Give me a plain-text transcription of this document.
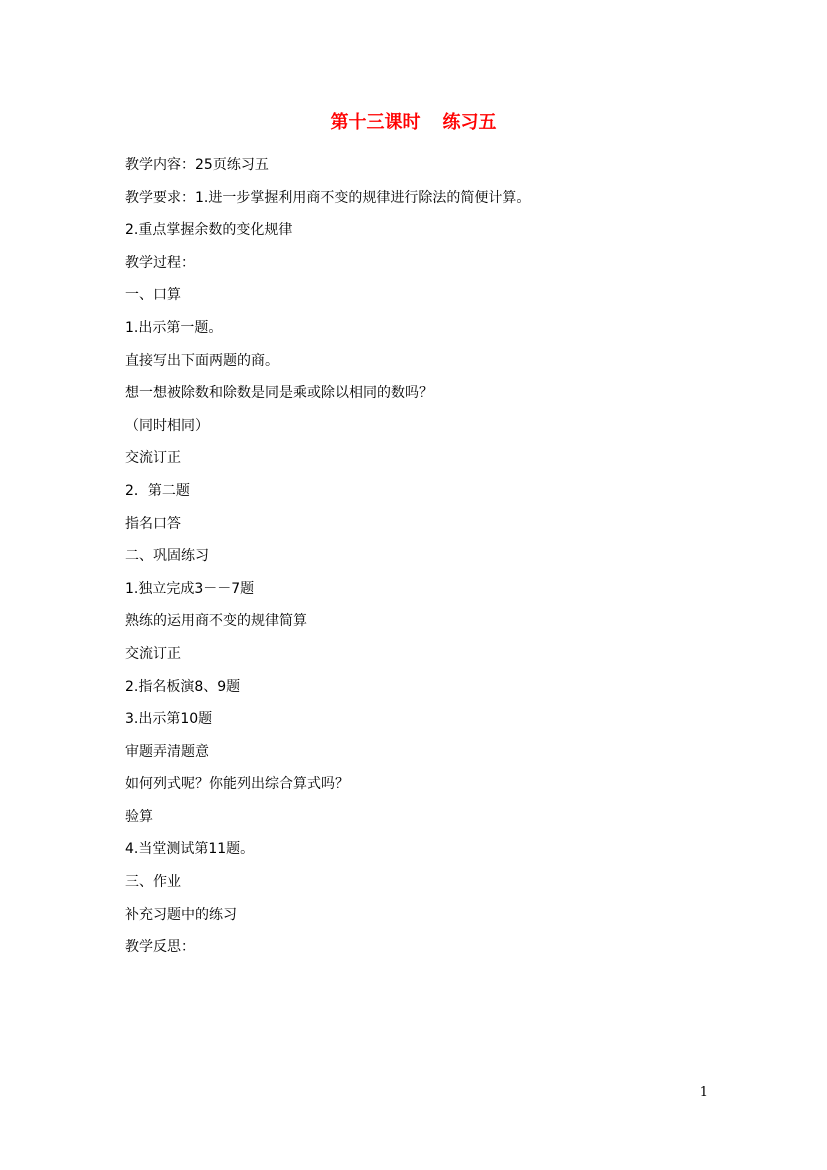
第十三课时 练习五
教学内容：25页练习五
教学要求：1.进一步掌握利用商不变的规律进行除法的简便计算。
2.重点掌握余数的变化规律
教学过程：
一、口算
1.出示第一题。
直接写出下面两题的商。
想一想被除数和除数是同是乘或除以相同的数吗？
（同时相同）
交流订正
2．第二题
指名口答
二、巩固练习
1.独立完成3－－7题
熟练的运用商不变的规律简算
交流订正
2.指名板演8、9题
3.出示第10题
审题弄清题意
如何列式呢？你能列出综合算式吗？
验算
4.当堂测试第11题。
三、作业
补充习题中的练习
教学反思：
1
